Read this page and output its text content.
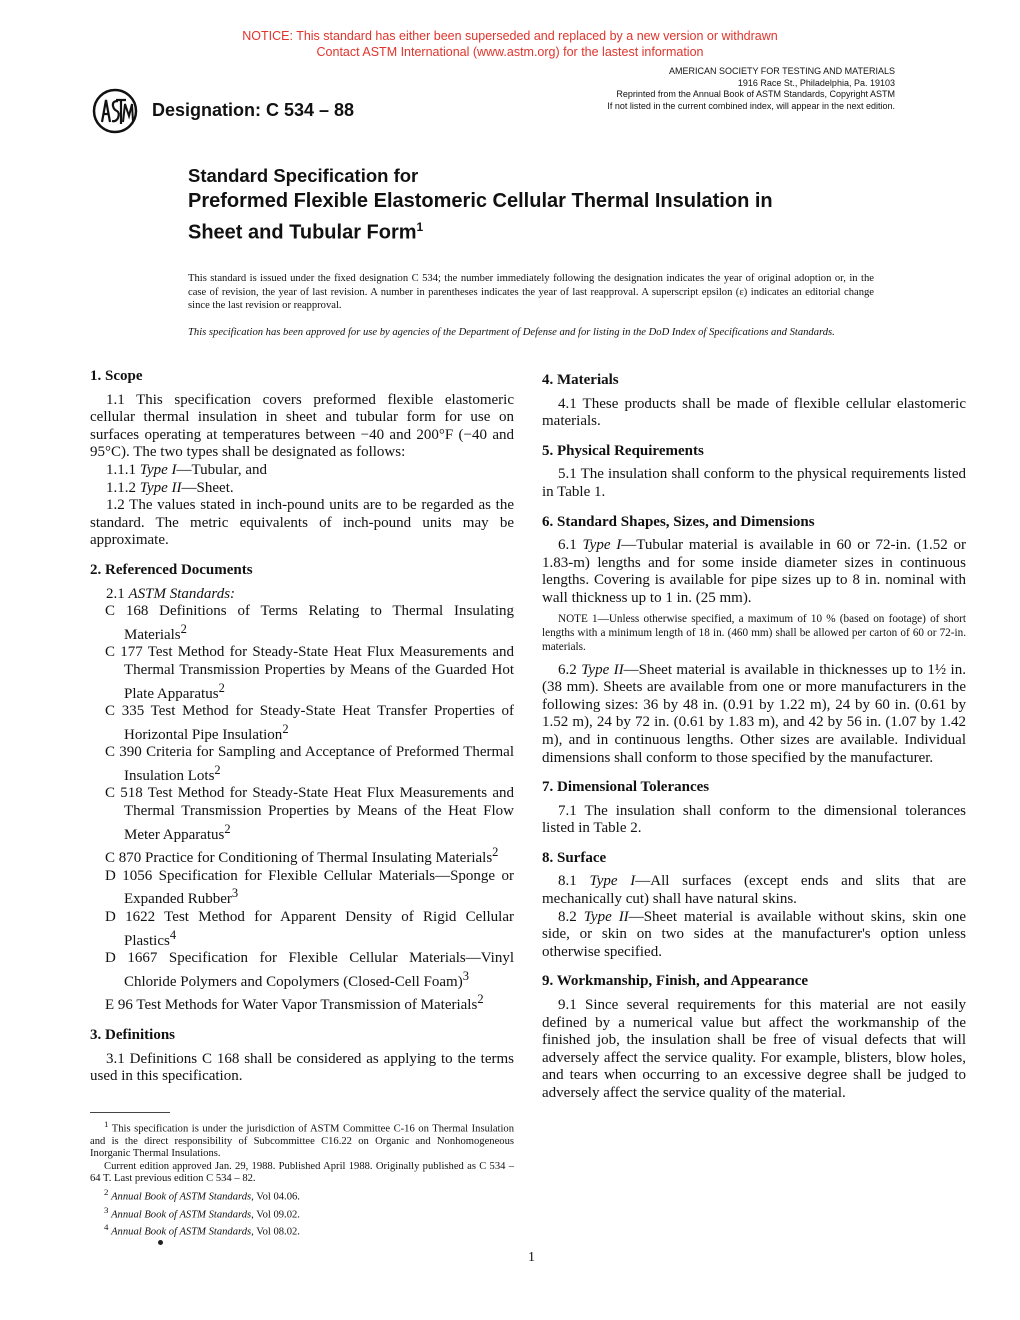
NOTICE: This standard has either been superseded and replaced by a new version or withdrawn
Contact ASTM International (www.astm.org) for the lastest information
Designation: C 534 – 88
AMERICAN SOCIETY FOR TESTING AND MATERIALS
1916 Race St., Philadelphia, Pa. 19103
Reprinted from the Annual Book of ASTM Standards, Copyright ASTM
If not listed in the current combined index, will appear in the next edition.
Standard Specification for
Preformed Flexible Elastomeric Cellular Thermal Insulation in
Sheet and Tubular Form$^1$
This standard is issued under the fixed designation C 534; the number immediately following the designation indicates the year of original adoption or, in the case of revision, the year of last revision. A number in parentheses indicates the year of last reapproval. A superscript epsilon (ε) indicates an editorial change since the last revision or reapproval.
This specification has been approved for use by agencies of the Department of Defense and for listing in the DoD Index of Specifications and Standards.
1. Scope

1.1 This specification covers preformed flexible elastomeric cellular thermal insulation in sheet and tubular form for use on surfaces operating at temperatures between −40 and 200°F (−40 and 95°C). The two types shall be designated as follows:

1.1.1 Type I—Tubular, and

1.1.2 Type II—Sheet.

1.2 The values stated in inch-pound units are to be regarded as the standard. The metric equivalents of inch-pound units may be approximate.

2. Referenced Documents

2.1 ASTM Standards:

C 168 Definitions of Terms Relating to Thermal Insulating Materials$^2$

C 177 Test Method for Steady-State Heat Flux Measurements and Thermal Transmission Properties by Means of the Guarded Hot Plate Apparatus$^2$

C 335 Test Method for Steady-State Heat Transfer Properties of Horizontal Pipe Insulation$^2$

C 390 Criteria for Sampling and Acceptance of Preformed Thermal Insulation Lots$^2$

C 518 Test Method for Steady-State Heat Flux Measurements and Thermal Transmission Properties by Means of the Heat Flow Meter Apparatus$^2$

C 870 Practice for Conditioning of Thermal Insulating Materials$^2$

D 1056 Specification for Flexible Cellular Materials—Sponge or Expanded Rubber$^3$

D 1622 Test Method for Apparent Density of Rigid Cellular Plastics$^4$

D 1667 Specification for Flexible Cellular Materials—Vinyl Chloride Polymers and Copolymers (Closed-Cell Foam)$^3$

E 96 Test Methods for Water Vapor Transmission of Materials$^2$

3. Definitions

3.1 Definitions C 168 shall be considered as applying to the terms used in this specification.

4. Materials

4.1 These products shall be made of flexible cellular elastomeric materials.

5. Physical Requirements

5.1 The insulation shall conform to the physical requirements listed in Table 1.

6. Standard Shapes, Sizes, and Dimensions

6.1 Type I—Tubular material is available in 60 or 72-in. (1.52 or 1.83-m) lengths and for some inside diameter sizes in continuous lengths. Covering is available for pipe sizes up to 8 in. nominal with wall thickness up to 1 in. (25 mm).

NOTE 1—Unless otherwise specified, a maximum of 10 % (based on footage) of short lengths with a minimum length of 18 in. (460 mm) shall be allowed per carton of 60 or 72-in. materials.

6.2 Type II—Sheet material is available in thicknesses up to 1½ in. (38 mm). Sheets are available from one or more manufacturers in the following sizes: 36 by 48 in. (0.91 by 1.22 m), 24 by 60 in. (0.61 by 1.52 m), 24 by 72 in. (0.61 by 1.83 m), and 42 by 56 in. (1.07 by 1.42 m), and in continuous lengths. Other sizes are available. Individual dimensions shall conform to those specified by the manufacturer.

7. Dimensional Tolerances

7.1 The insulation shall conform to the dimensional tolerances listed in Table 2.

8. Surface

8.1 Type I—All surfaces (except ends and slits that are mechanically cut) shall have natural skins.

8.2 Type II—Sheet material is available without skins, skin one side, or skin on two sides at the manufacturer's option unless otherwise specified.

9. Workmanship, Finish, and Appearance

9.1 Since several requirements for this material are not easily defined by a numerical value but affect the workmanship of the finished job, the insulation shall be free of visual defects that will adversely affect the service quality. For example, blisters, blow holes, and tears when occurring to an excessive degree shall be judged to adversely affect the service quality of the material.

$^1$ This specification is under the jurisdiction of ASTM Committee C-16 on Thermal Insulation and is the direct responsibility of Subcommittee C16.22 on Organic and Nonhomogeneous Inorganic Thermal Insulations.

Current edition approved Jan. 29, 1988. Published April 1988. Originally published as C 534 – 64 T. Last previous edition C 534 – 82.

$^2$ Annual Book of ASTM Standards, Vol 04.06.

$^3$ Annual Book of ASTM Standards, Vol 09.02.

$^4$ Annual Book of ASTM Standards, Vol 08.02.

1
